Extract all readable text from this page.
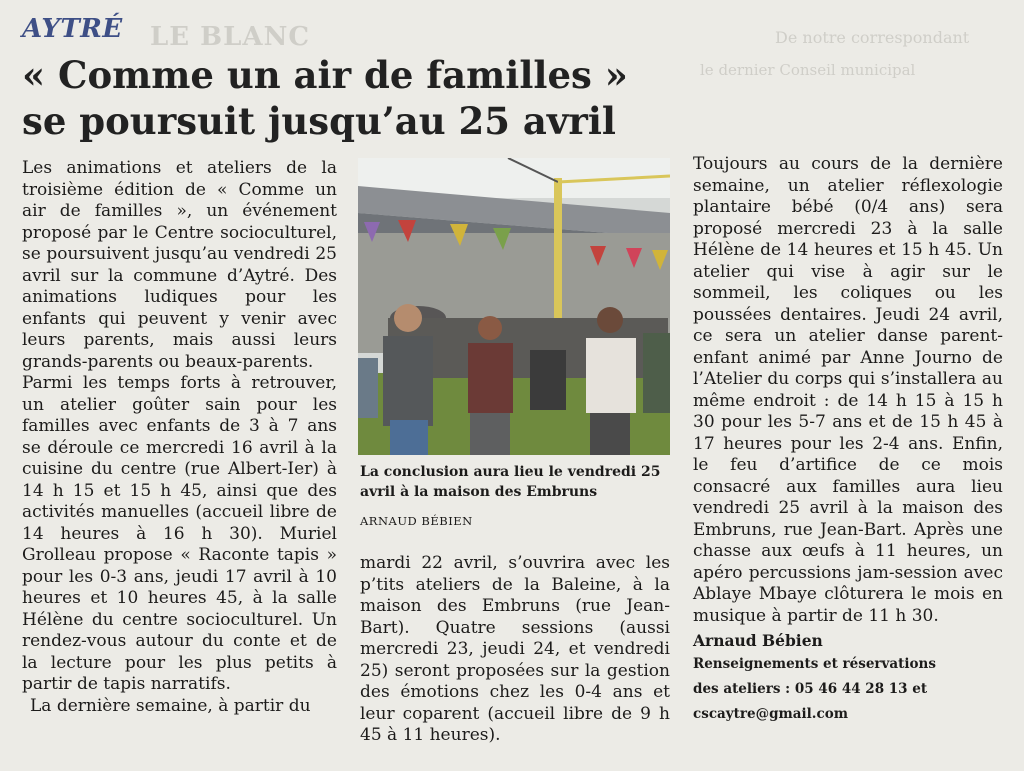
LE BLANC	De notre correspondant
le dernier Conseil municipal
AYTRÉ
« Comme un air de familles »
se poursuit jusqu’au 25 avril

Les animations et ateliers de la troisième édition de « Comme un air de familles », un événement proposé par le Centre socioculturel, se poursuivent jusqu’au vendredi 25 avril sur la commune d’Aytré. Des animations ludiques pour les enfants qui peuvent y venir avec leurs parents, mais aussi leurs grands-parents ou beaux-parents.

Parmi les temps forts à retrouver, un atelier goûter sain pour les familles avec enfants de 3 à 7 ans se déroule ce mercredi 16 avril à la cuisine du centre (rue Albert-Ier) à 14 h 15 et 15 h 45, ainsi que des activités manuelles (accueil libre de 14 heures à 16 h 30). Muriel Grolleau propose « Raconte tapis » pour les 0-3 ans, jeudi 17 avril à 10 heures et 10 heures 45, à la salle Hélène du centre socioculturel. Un rendez-vous autour du conte et de la lecture pour les plus petits à partir de tapis narratifs.

La dernière semaine, à partir du

La conclusion aura lieu le vendredi 25 avril à la maison des Embruns
ARNAUD BÉBIEN

mardi 22 avril, s’ouvrira avec les p’tits ateliers de la Baleine, à la maison des Embruns (rue Jean-Bart). Quatre sessions (aussi mercredi 23, jeudi 24, et vendredi 25) seront proposées sur la gestion des émotions chez les 0-4 ans et leur coparent (accueil libre de 9 h 45 à 11 heures).

Toujours au cours de la dernière semaine, un atelier réflexologie plantaire bébé (0/4 ans) sera proposé mercredi 23 à la salle Hélène de 14 heures et 15 h 45. Un atelier qui vise à agir sur le sommeil, les coliques ou les poussées dentaires. Jeudi 24 avril, ce sera un atelier danse parent-enfant animé par Anne Journo de l’Atelier du corps qui s’installera au même endroit : de 14 h 15 à 15 h 30 pour les 5-7 ans et de 15 h 45 à 17 heures pour les 2-4 ans. Enfin, le feu d’artifice de ce mois consacré aux familles aura lieu vendredi 25 avril à la maison des Embruns, rue Jean-Bart. Après une chasse aux œufs à 11 heures, un apéro percussions jam-session avec Ablaye Mbaye clôturera le mois en musique à partir de 11 h 30.

Arnaud Bébien
Renseignements et réservations
des ateliers : 05 46 44 28 13 et
cscaytre@gmail.com
